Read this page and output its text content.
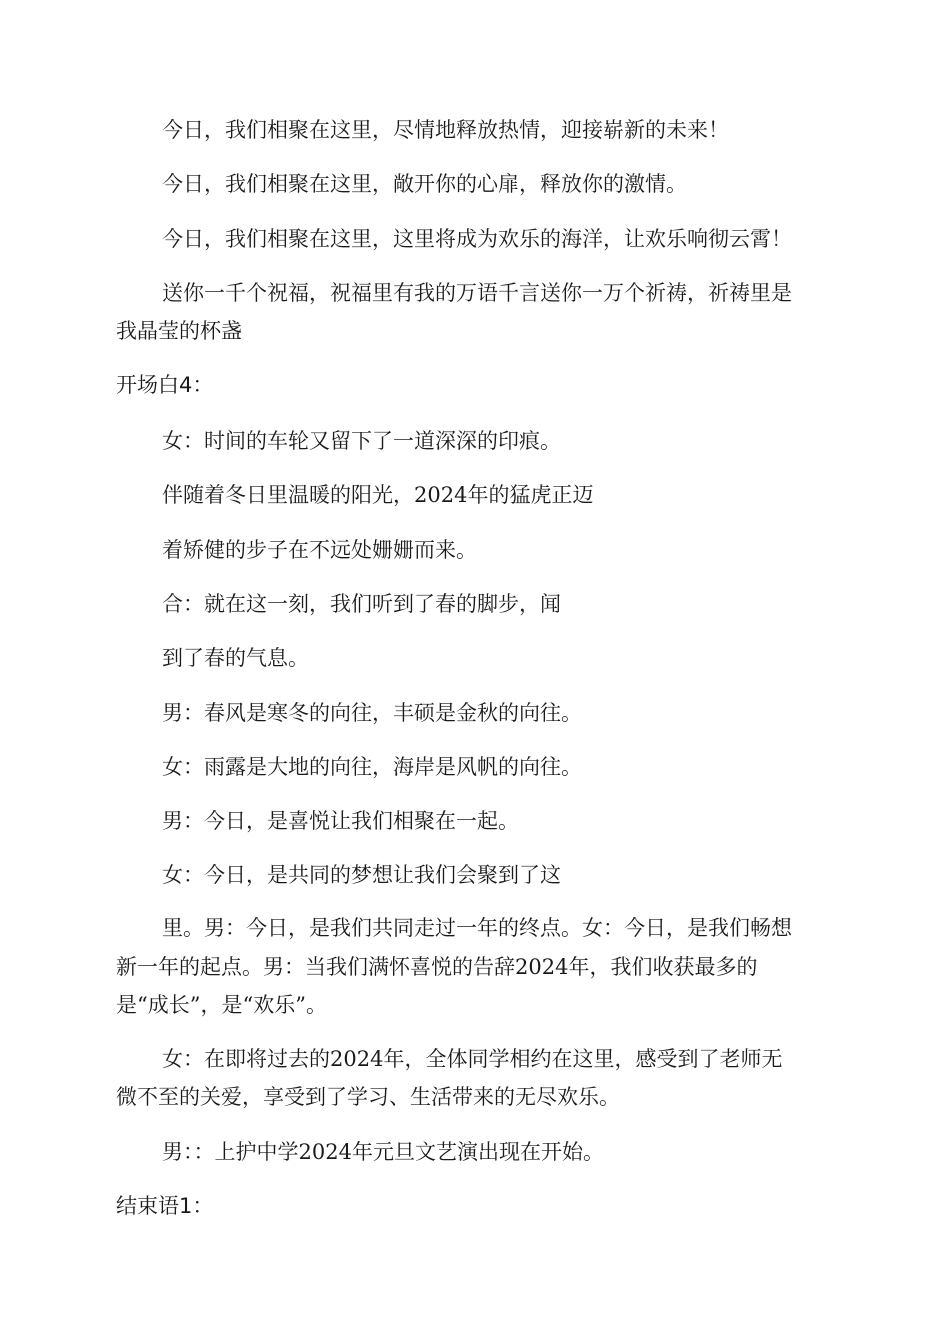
今日，我们相聚在这里，尽情地释放热情，迎接崭新的未来！
今日，我们相聚在这里，敞开你的心扉，释放你的激情。
今日，我们相聚在这里，这里将成为欢乐的海洋，让欢乐响彻云霄！
送你一千个祝福，祝福里有我的万语千言送你一万个祈祷，祈祷里是
我晶莹的杯盏
开场白4：
女：时间的车轮又留下了一道深深的印痕。
伴随着冬日里温暖的阳光，2024年的猛虎正迈
着矫健的步子在不远处姗姗而来。
合：就在这一刻，我们听到了春的脚步，闻
到了春的气息。
男：春风是寒冬的向往，丰硕是金秋的向往。
女：雨露是大地的向往，海岸是风帆的向往。
男：今日，是喜悦让我们相聚在一起。
女：今日，是共同的梦想让我们会聚到了这
里。男：今日，是我们共同走过一年的终点。女：今日，是我们畅想
新一年的起点。男：当我们满怀喜悦的告辞2024年，我们收获最多的
是“成长”，是“欢乐”。
女：在即将过去的2024年，全体同学相约在这里，感受到了老师无
微不至的关爱，享受到了学习、生活带来的无尽欢乐。
男：：上护中学2024年元旦文艺演出现在开始。
结束语1：
